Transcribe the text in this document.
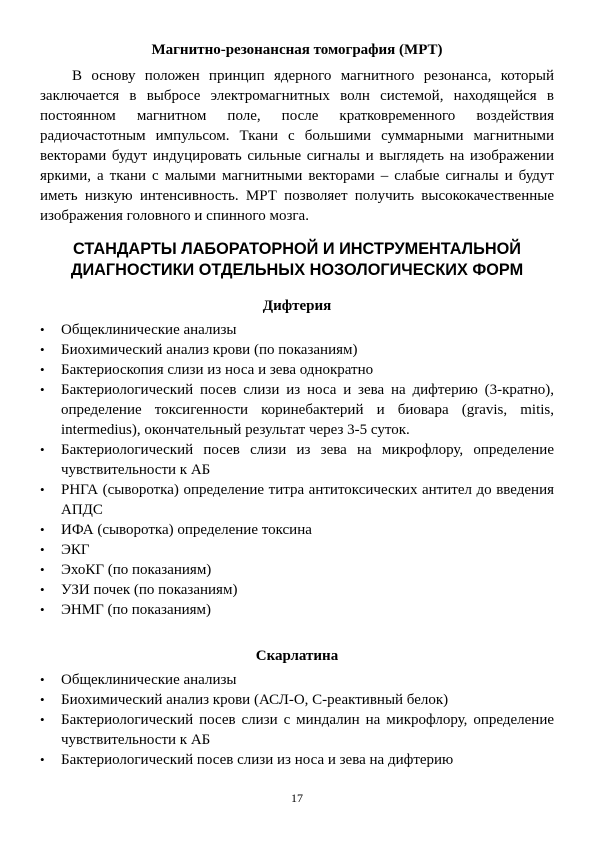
Магнитно-резонансная томография (МРТ)

В основу положен принцип ядерного магнитного резонанса, который заключается в выбросе электромагнитных волн системой, находящейся в постоянном магнитном поле, после кратковременного воздействия радиочастотным импульсом. Ткани с большими суммарными магнитными векторами будут индуцировать сильные сигналы и выглядеть на изображении яркими, а ткани с малыми магнитными векторами – слабые сигналы и будут иметь низкую интенсивность. МРТ позволяет получить высококачественные изображения головного и спинного мозга.

СТАНДАРТЫ ЛАБОРАТОРНОЙ И ИНСТРУМЕНТАЛЬНОЙ
ДИАГНОСТИКИ ОТДЕЛЬНЫХ НОЗОЛОГИЧЕСКИХ ФОРМ
Дифтерия
• Общеклинические анализы
• Биохимический анализ крови (по показаниям)
• Бактериоскопия слизи из носа и зева однократно
• Бактериологический посев слизи из носа и зева на дифтерию (3-кратно), определение токсигенности коринебактерий и биовара (gravis, mitis, intermedius), окончательный результат через 3-5 суток.
• Бактериологический посев слизи из зева на микрофлору, определение чувствительности к АБ
• РНГА (сыворотка) определение титра антитоксических антител до введения АПДС
• ИФА (сыворотка) определение токсина
• ЭКГ
• ЭхоКГ (по показаниям)
• УЗИ почек (по показаниям)
• ЭНМГ (по показаниям)
Скарлатина
• Общеклинические анализы
• Биохимический анализ крови (АСЛ-О, С-реактивный белок)
• Бактериологический посев слизи с миндалин на микрофлору, определение чувствительности к АБ
• Бактериологический посев слизи из носа и зева на дифтерию
17
